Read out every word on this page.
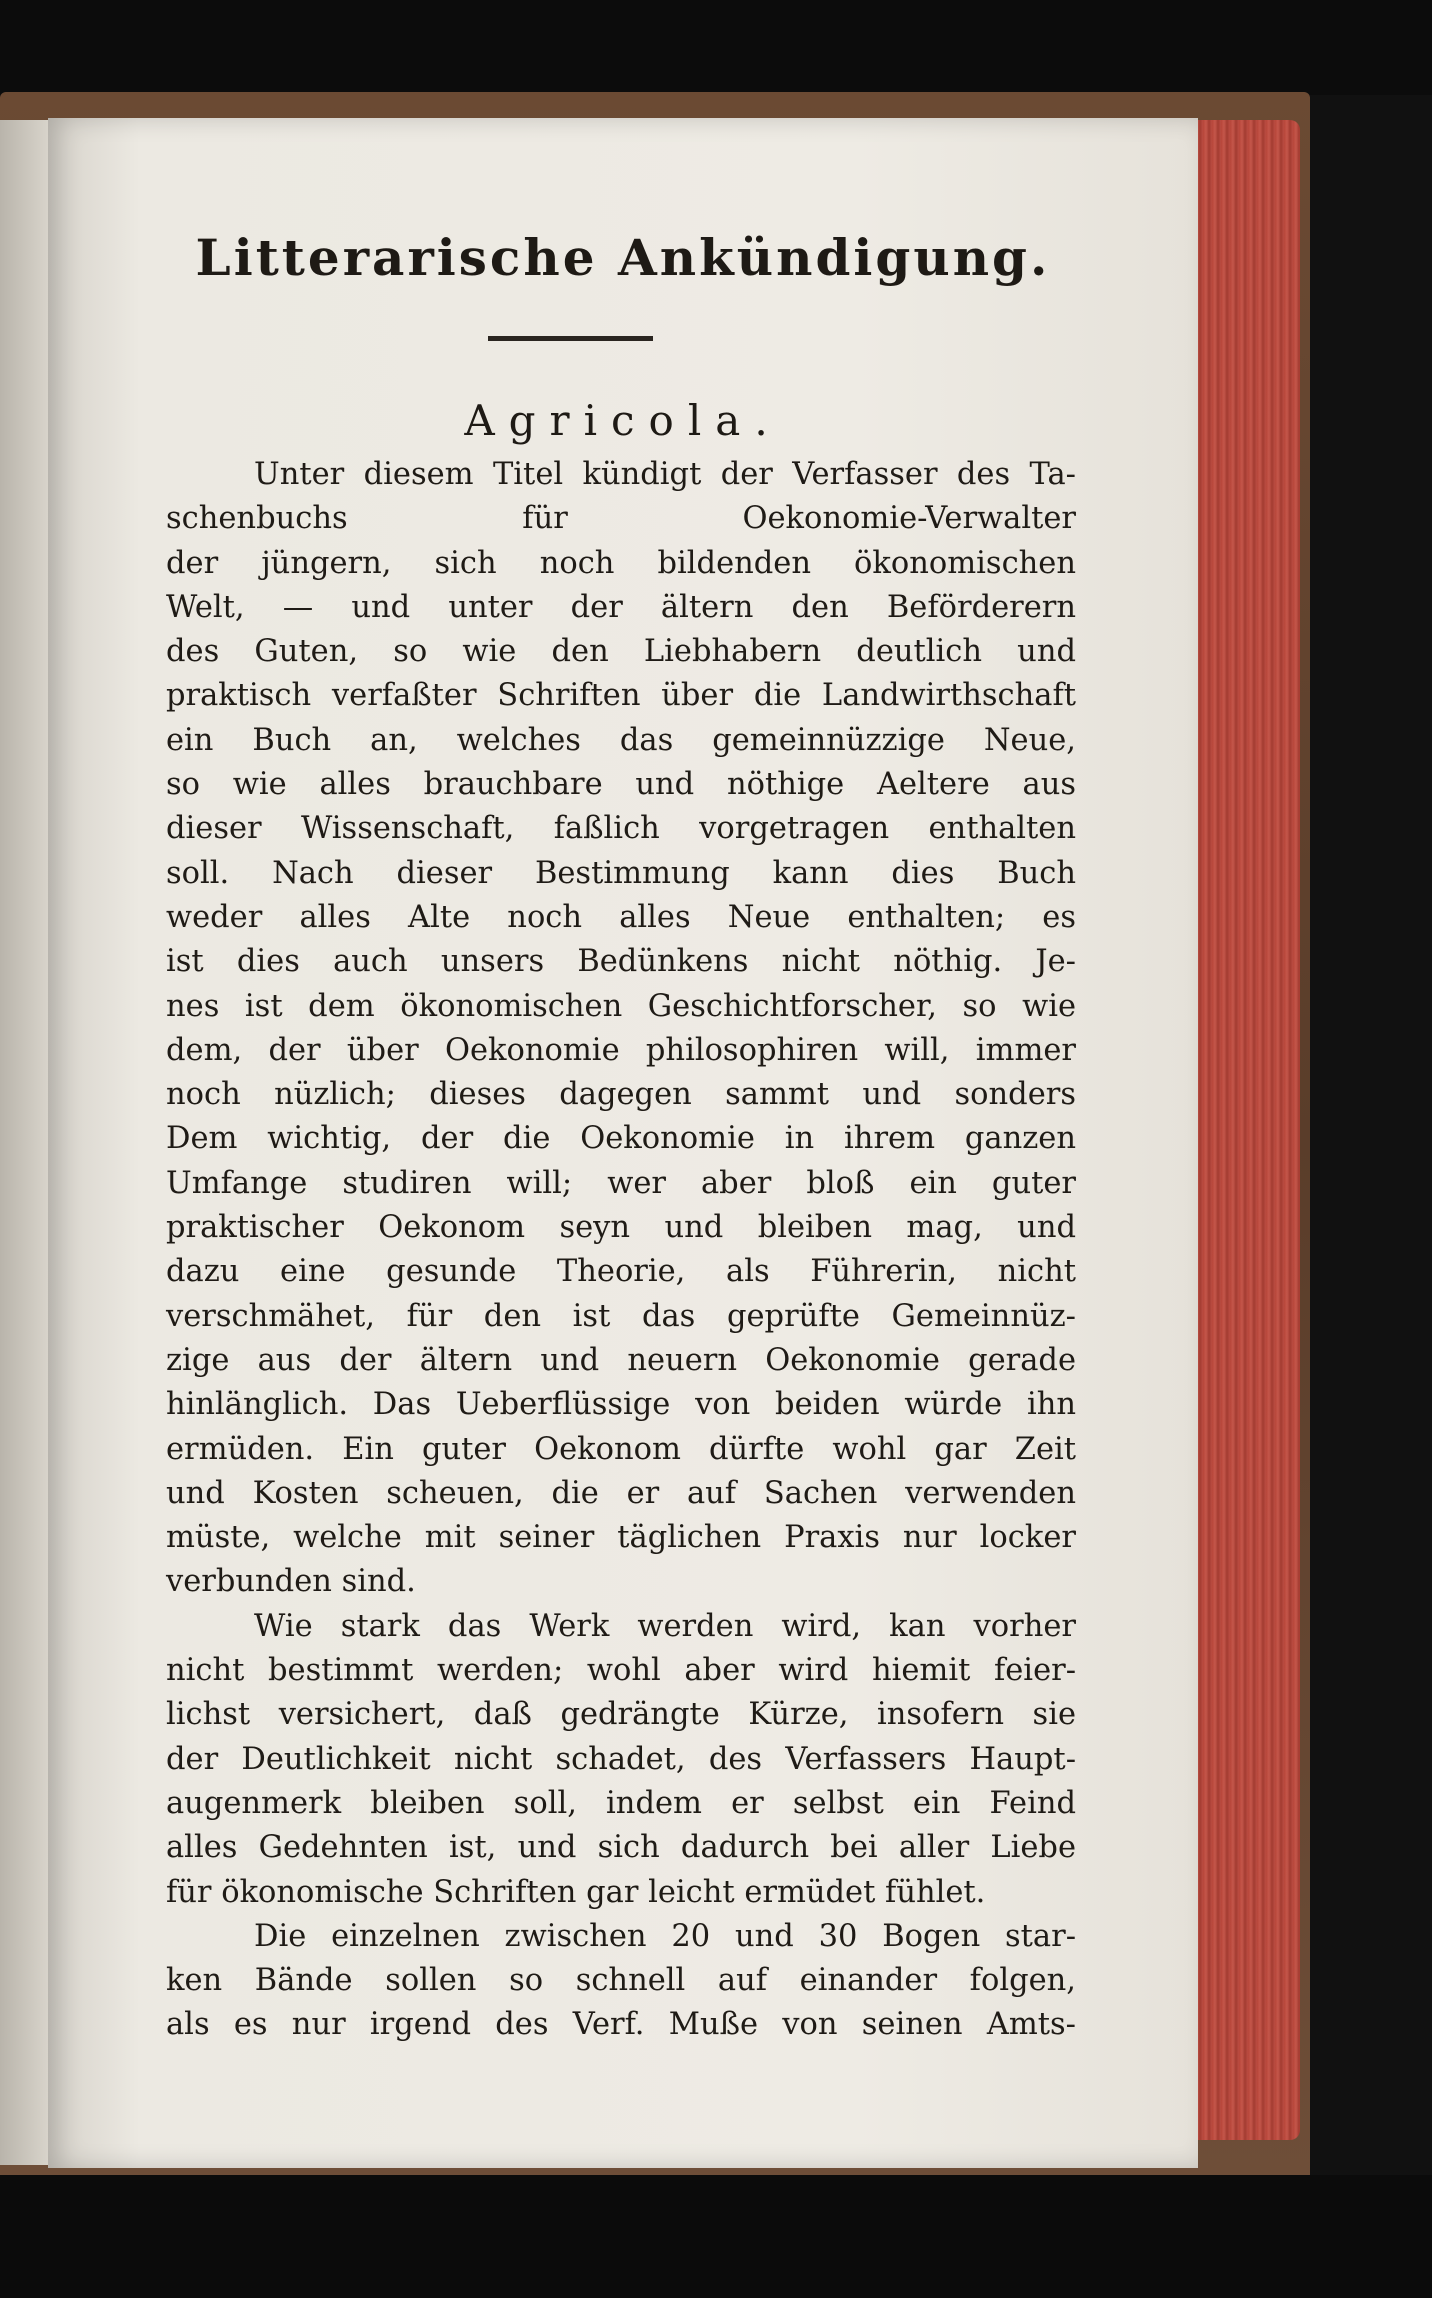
Litterarische Ankündigung.
Agricola.

Unter diesem Titel kündigt der Verfasser des Ta-
schenbuchs für Oekonomie-Verwalter
der jüngern, sich noch bildenden ökonomischen
Welt, — und unter der ältern den Beförderern
des Guten, so wie den Liebhabern deutlich und
praktisch verfaßter Schriften über die Landwirthschaft
ein Buch an, welches das gemeinnüzzige Neue,
so wie alles brauchbare und nöthige Aeltere aus
dieser Wissenschaft, faßlich vorgetragen enthalten
soll. Nach dieser Bestimmung kann dies Buch
weder alles Alte noch alles Neue enthalten; es
ist dies auch unsers Bedünkens nicht nöthig. Je-
nes ist dem ökonomischen Geschichtforscher, so wie
dem, der über Oekonomie philosophiren will, immer
noch nüzlich; dieses dagegen sammt und sonders
Dem wichtig, der die Oekonomie in ihrem ganzen
Umfange studiren will; wer aber bloß ein guter
praktischer Oekonom seyn und bleiben mag, und
dazu eine gesunde Theorie, als Führerin, nicht
verschmähet, für den ist das geprüfte Gemeinnüz-
zige aus der ältern und neuern Oekonomie gerade
hinlänglich. Das Ueberflüssige von beiden würde ihn
ermüden. Ein guter Oekonom dürfte wohl gar Zeit
und Kosten scheuen, die er auf Sachen verwenden
müste, welche mit seiner täglichen Praxis nur locker
verbunden sind.

Wie stark das Werk werden wird, kan vorher
nicht bestimmt werden; wohl aber wird hiemit feier-
lichst versichert, daß gedrängte Kürze, insofern sie
der Deutlichkeit nicht schadet, des Verfassers Haupt-
augenmerk bleiben soll, indem er selbst ein Feind
alles Gedehnten ist, und sich dadurch bei aller Liebe
für ökonomische Schriften gar leicht ermüdet fühlet.

Die einzelnen zwischen 20 und 30 Bogen star-
ken Bände sollen so schnell auf einander folgen,
als es nur irgend des Verf. Muße von seinen Amts-
